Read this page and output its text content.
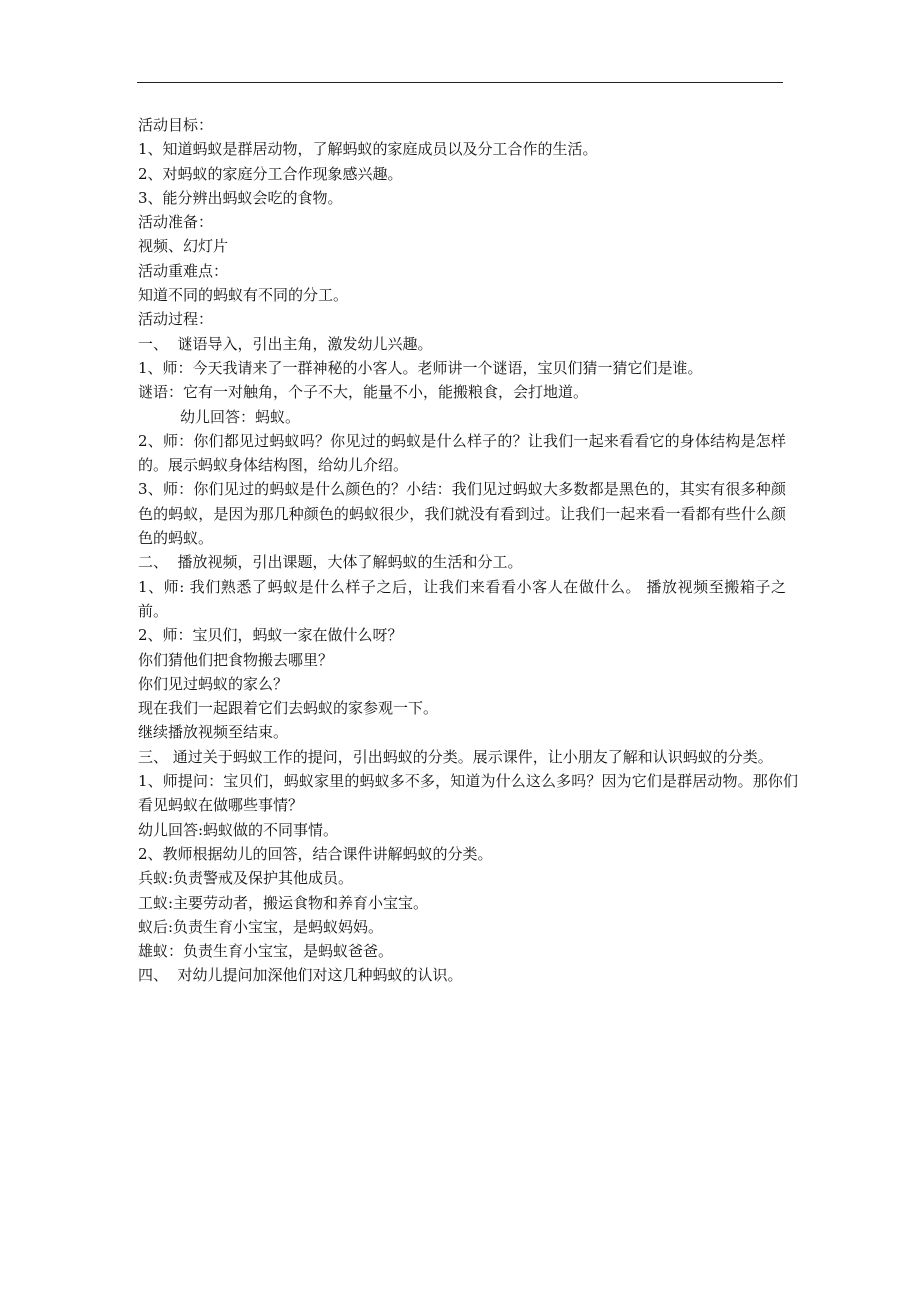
活动目标：
1、知道蚂蚁是群居动物，了解蚂蚁的家庭成员以及分工合作的生活。
2、对蚂蚁的家庭分工合作现象感兴趣。
3、能分辨出蚂蚁会吃的食物。
活动准备：
视频、幻灯片
活动重难点：
知道不同的蚂蚁有不同的分工。
活动过程：
一、  谜语导入，引出主角，激发幼儿兴趣。
1、师：今天我请来了一群神秘的小客人。老师讲一个谜语，宝贝们猜一猜它们是谁。
谜语：它有一对触角，个子不大，能量不小，能搬粮食，会打地道。
幼儿回答：蚂蚁。
2、师：你们都见过蚂蚁吗？你见过的蚂蚁是什么样子的？让我们一起来看看它的身体结构是怎样的。展示蚂蚁身体结构图，给幼儿介绍。
3、师：你们见过的蚂蚁是什么颜色的？小结：我们见过蚂蚁大多数都是黑色的，其实有很多种颜色的蚂蚁，是因为那几种颜色的蚂蚁很少，我们就没有看到过。让我们一起来看一看都有些什么颜色的蚂蚁。
二、  播放视频，引出课题，大体了解蚂蚁的生活和分工。
1、师: 我们熟悉了蚂蚁是什么样子之后，让我们来看看小客人在做什么。 播放视频至搬箱子之前。
2、师：宝贝们，蚂蚁一家在做什么呀？
你们猜他们把食物搬去哪里？
你们见过蚂蚁的家么？
现在我们一起跟着它们去蚂蚁的家参观一下。
继续播放视频至结束。
三、 通过关于蚂蚁工作的提问，引出蚂蚁的分类。展示课件，让小朋友了解和认识蚂蚁的分类。
1、师提问：宝贝们，蚂蚁家里的蚂蚁多不多，知道为什么这么多吗？因为它们是群居动物。那你们看见蚂蚁在做哪些事情？
幼儿回答:蚂蚁做的不同事情。
2、教师根据幼儿的回答，结合课件讲解蚂蚁的分类。
兵蚁:负责警戒及保护其他成员。
工蚁:主要劳动者，搬运食物和养育小宝宝。
蚁后:负责生育小宝宝，是蚂蚁妈妈。
雄蚁：负责生育小宝宝，是蚂蚁爸爸。
四、  对幼儿提问加深他们对这几种蚂蚁的认识。
